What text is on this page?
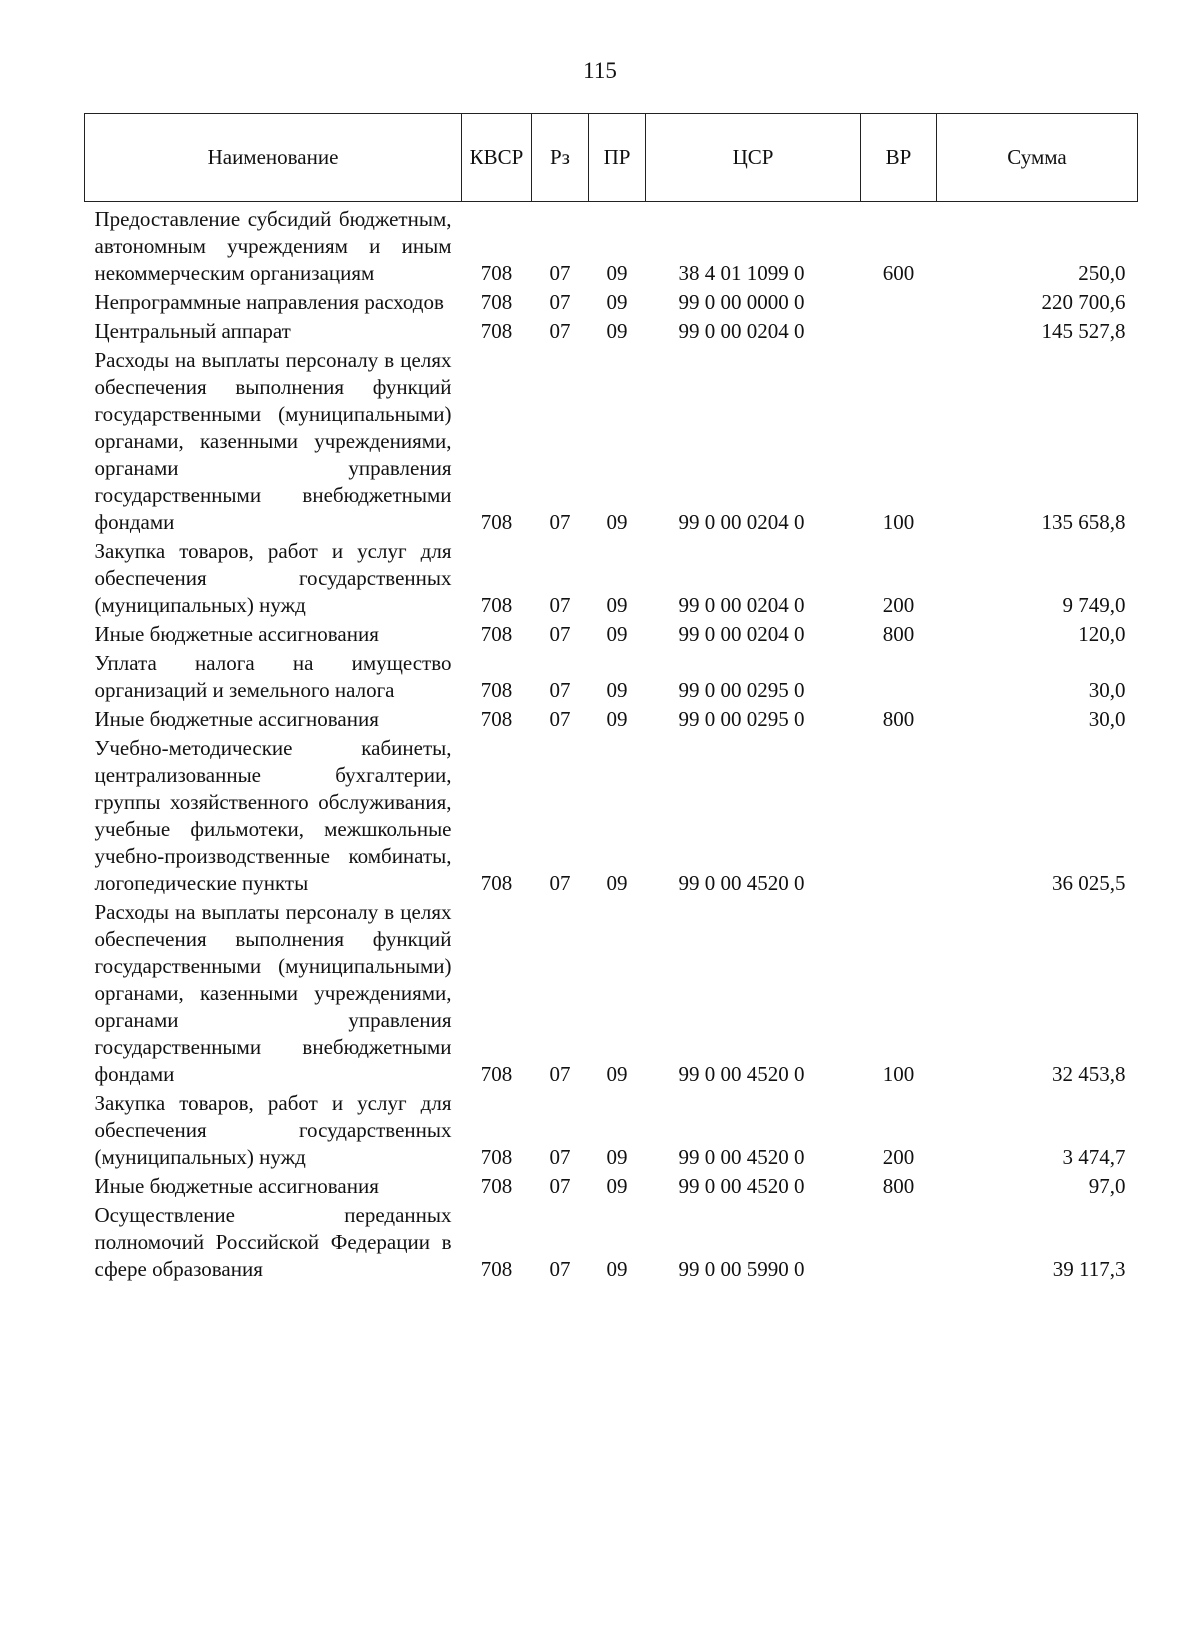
115
Наименование	КВСР	Рз	ПР	ЦСР	ВР	Сумма
Предоставление субсидий бюджетным, автономным учреждениям и иным некоммерческим организациям	708	07	09	38 4 01 1099 0	600	250,0
Непрограммные направления расходов	708	07	09	99 0 00 0000 0		220 700,6
Центральный аппарат	708	07	09	99 0 00 0204 0		145 527,8
Расходы на выплаты персоналу в целях обеспечения выполнения функций государственными (муниципальными) органами, казенными учреждениями, органами управления государственными внебюджетными фондами	708	07	09	99 0 00 0204 0	100	135 658,8
Закупка товаров, работ и услуг для обеспечения государственных (муниципальных) нужд	708	07	09	99 0 00 0204 0	200	9 749,0
Иные бюджетные ассигнования	708	07	09	99 0 00 0204 0	800	120,0
Уплата налога на имущество организаций и земельного налога	708	07	09	99 0 00 0295 0		30,0
Иные бюджетные ассигнования	708	07	09	99 0 00 0295 0	800	30,0
Учебно-методические кабинеты, централизованные бухгалтерии, группы хозяйственного обслуживания, учебные фильмотеки, межшкольные учебно-производственные комбинаты, логопедические пункты	708	07	09	99 0 00 4520 0		36 025,5
Расходы на выплаты персоналу в целях обеспечения выполнения функций государственными (муниципальными) органами, казенными учреждениями, органами управления государственными внебюджетными фондами	708	07	09	99 0 00 4520 0	100	32 453,8
Закупка товаров, работ и услуг для обеспечения государственных (муниципальных) нужд	708	07	09	99 0 00 4520 0	200	3 474,7
Иные бюджетные ассигнования	708	07	09	99 0 00 4520 0	800	97,0
Осуществление переданных полномочий Российской Федерации в сфере образования	708	07	09	99 0 00 5990 0		39 117,3
